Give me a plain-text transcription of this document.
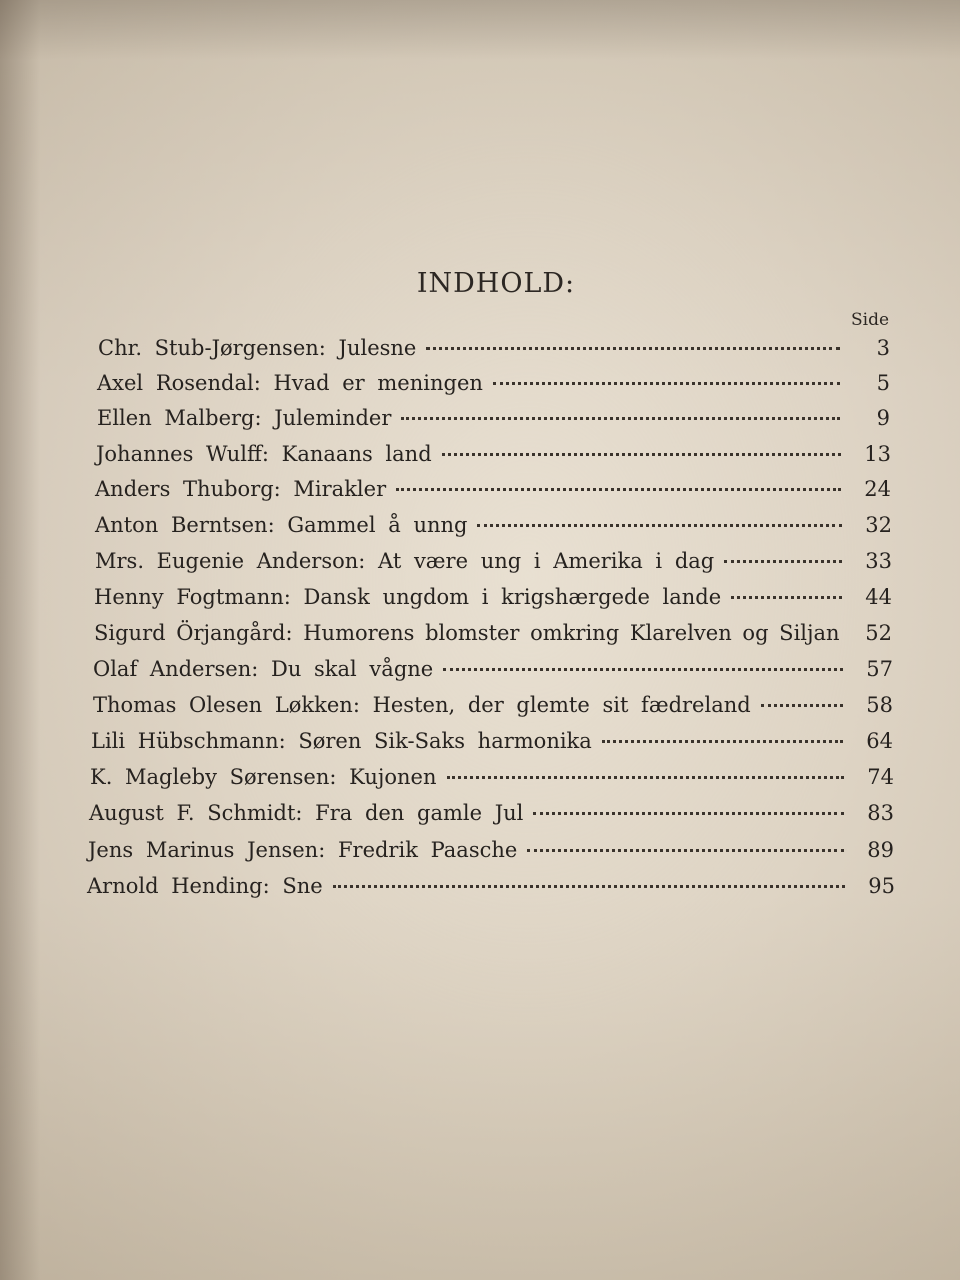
INDHOLD:
Side
Chr. Stub-Jørgensen: Julesne	3
Axel Rosendal: Hvad er meningen	5
Ellen Malberg: Juleminder	9
Johannes Wulff: Kanaans land	13
Anders Thuborg: Mirakler	24
Anton Berntsen: Gammel å unng	32
Mrs. Eugenie Anderson: At være ung i Amerika i dag	33
Henny Fogtmann: Dansk ungdom i krigshærgede lande	44
Sigurd Örjangård: Humorens blomster omkring Klarelven og Siljan	52
Olaf Andersen: Du skal vågne	57
Thomas Olesen Løkken: Hesten, der glemte sit fædreland	58
Lili Hübschmann: Søren Sik-Saks harmonika	64
K. Magleby Sørensen: Kujonen	74
August F. Schmidt: Fra den gamle Jul	83
Jens Marinus Jensen: Fredrik Paasche	89
Arnold Hending: Sne	95
